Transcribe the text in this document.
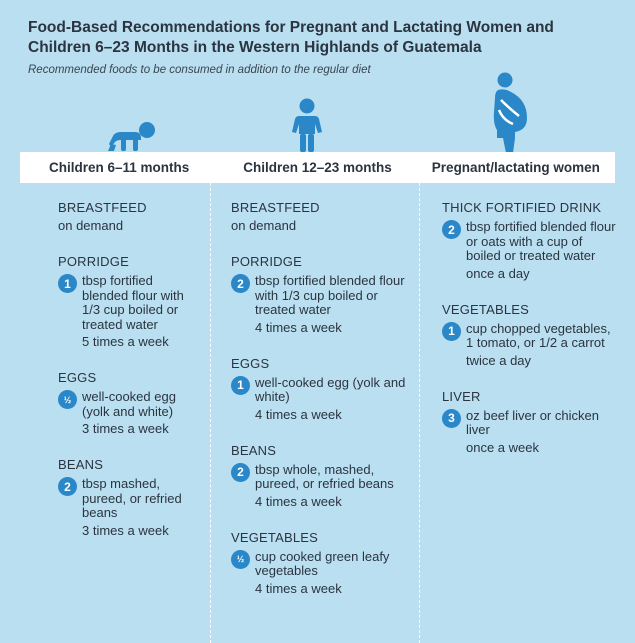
Food-Based Recommendations for Pregnant and Lactating Women and Children 6–23 Months in the Western Highlands of Guatemala
Recommended foods to be consumed in addition to the regular diet
Children 6–11 months	Children 12–23 months	Pregnant/lactating women
BREASTFEED
on demand
PORRIDGE
1 tbsp fortified blended flour with 1/3 cup boiled or treated water
5 times a week
EGGS
½ well-cooked egg (yolk and white)
3 times a week
BEANS
2 tbsp mashed, pureed, or refried beans
3 times a week
BREASTFEED
on demand
PORRIDGE
2 tbsp fortified blended flour with 1/3 cup boiled or treated water
4 times a week
EGGS
1 well-cooked egg (yolk and white)
4 times a week
BEANS
2 tbsp whole, mashed, pureed, or refried beans
4 times a week
VEGETABLES
½ cup cooked green leafy vegetables
4 times a week
THICK FORTIFIED DRINK
2 tbsp fortified blended flour or oats with a cup of boiled or treated water
once a day
VEGETABLES
1 cup chopped vegetables, 1 tomato, or 1/2 a carrot
twice a day
LIVER
3 oz beef liver or chicken liver
once a week
